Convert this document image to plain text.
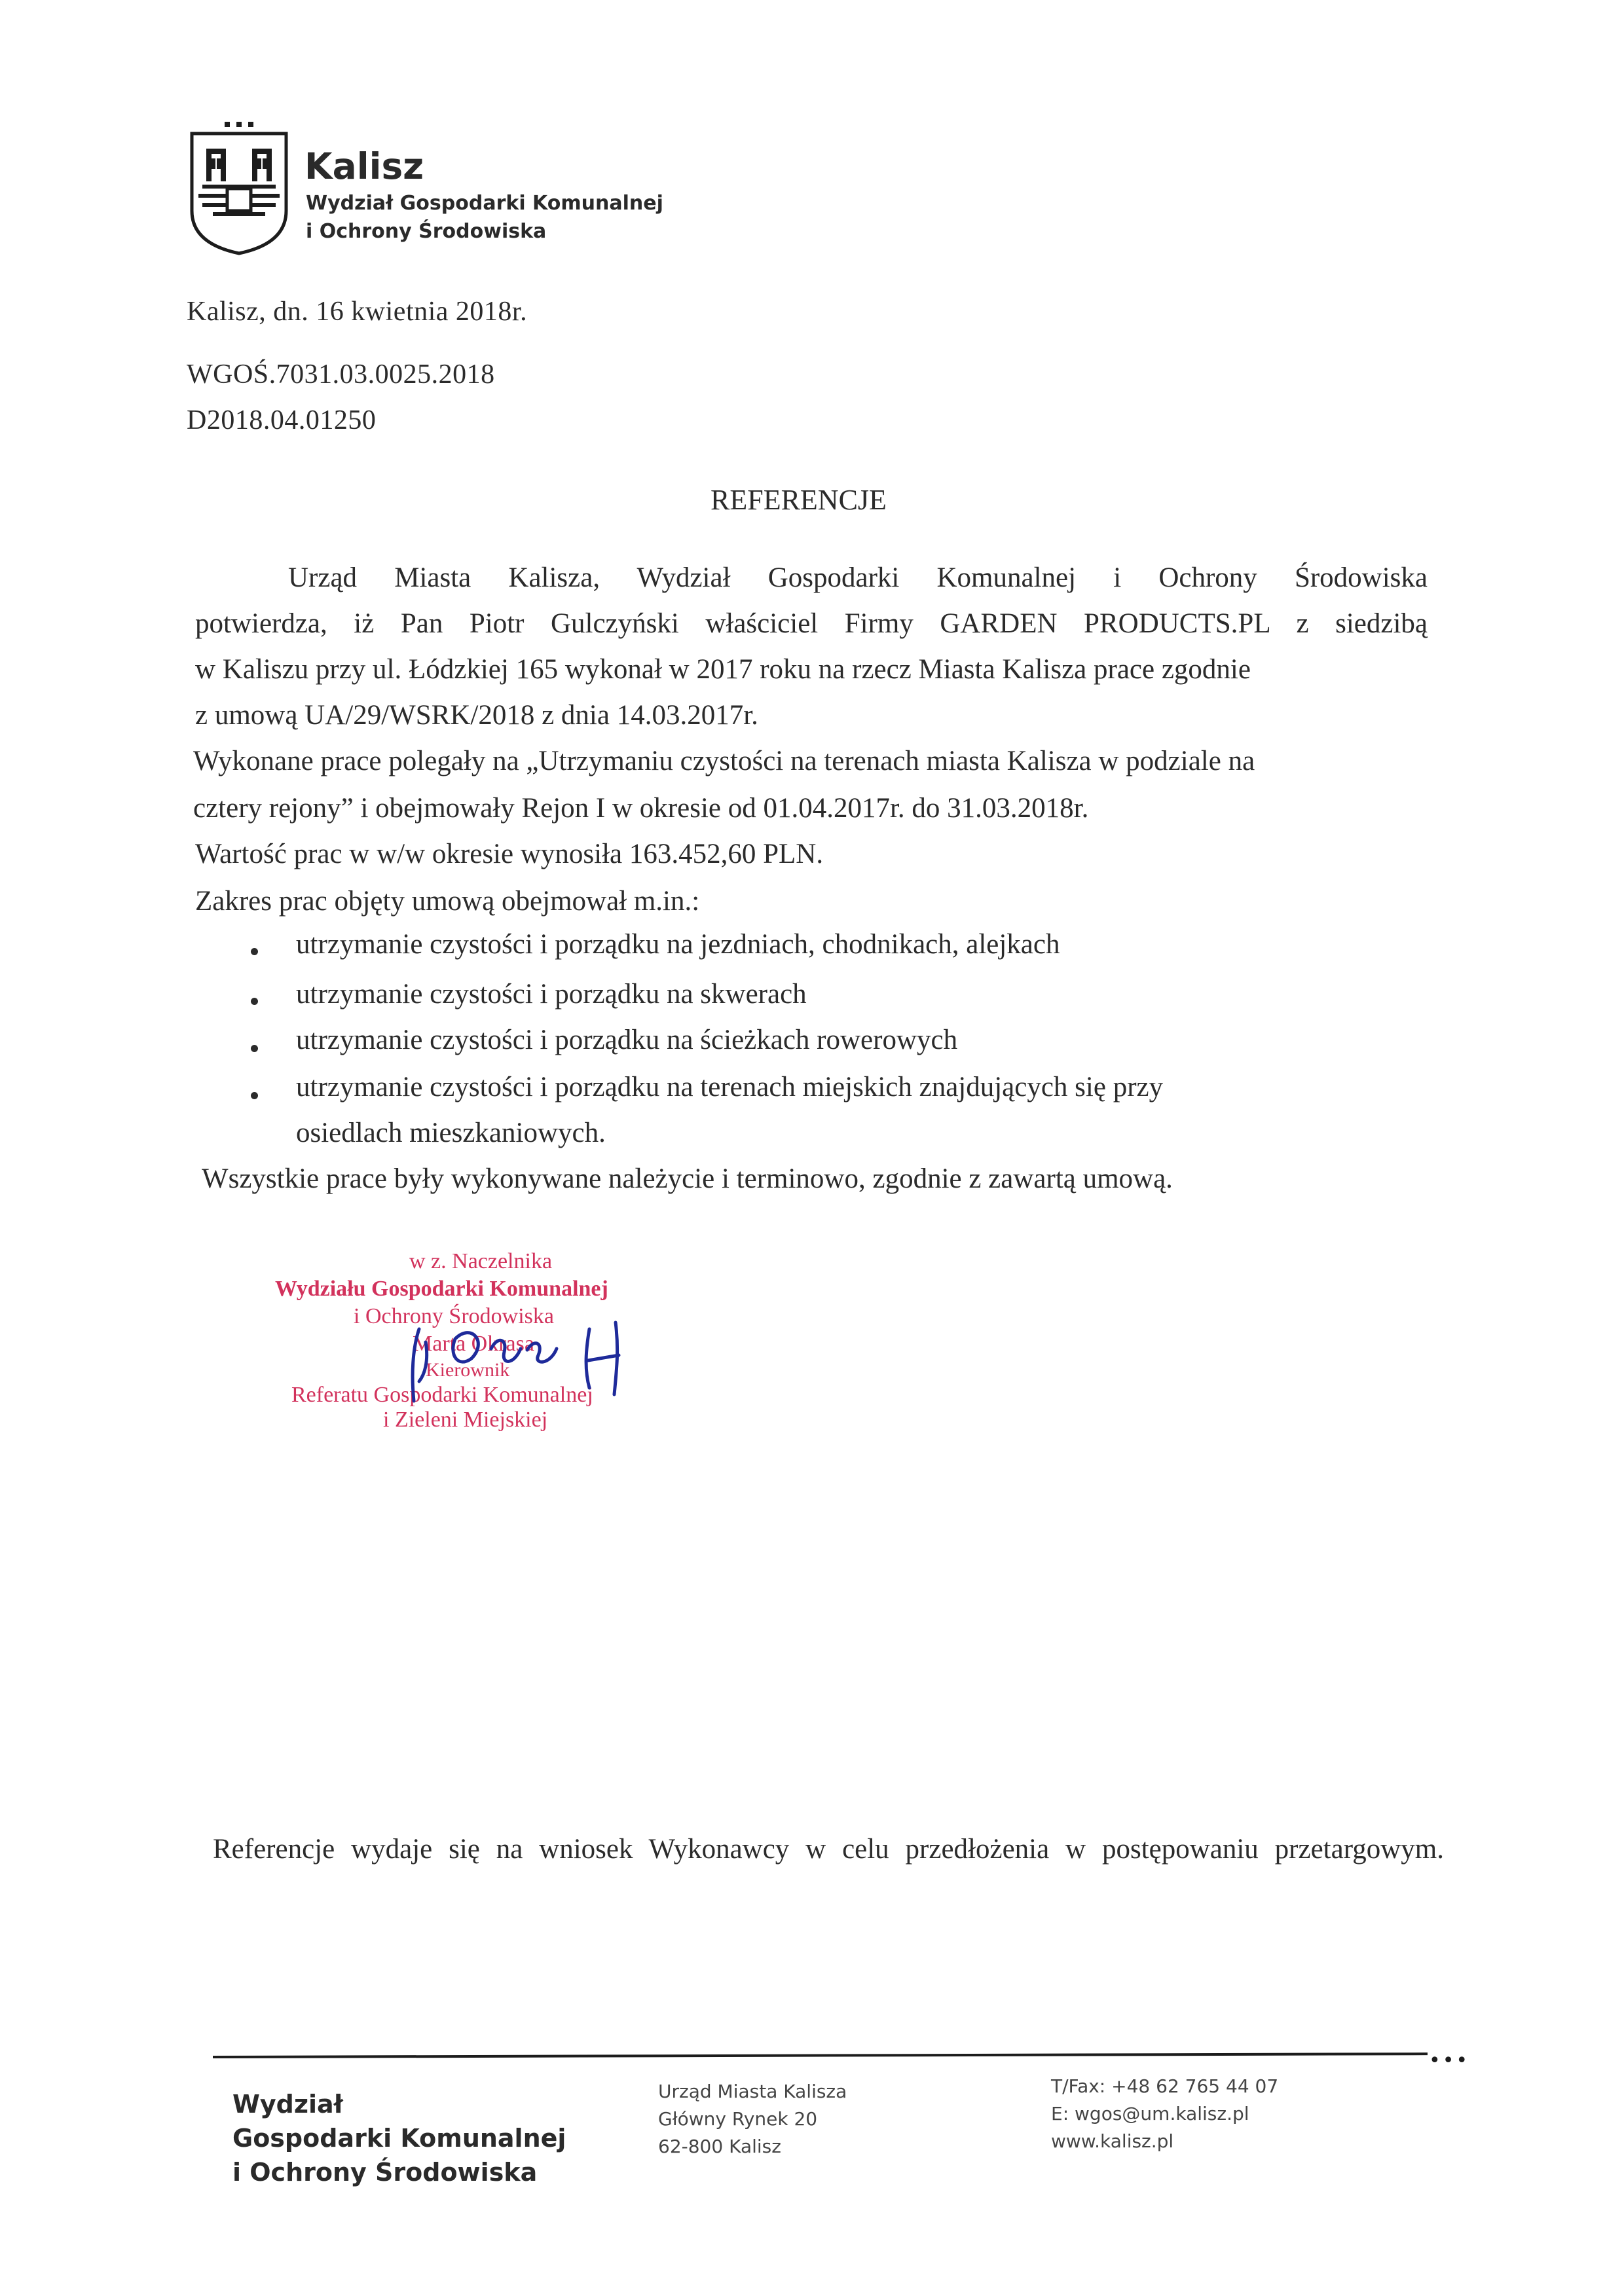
Kalisz
Wydział Gospodarki Komunalnej
i Ochrony Środowiska
Kalisz, dn. 16 kwietnia 2018r.
WGOŚ.7031.03.0025.2018
D2018.04.01250
REFERENCJE
Urząd Miasta Kalisza, Wydział Gospodarki Komunalnej i Ochrony Środowiska
potwierdza, iż Pan Piotr Gulczyński właściciel Firmy GARDEN PRODUCTS.PL z siedzibą
w Kaliszu przy ul. Łódzkiej 165 wykonał w 2017 roku na rzecz Miasta Kalisza prace zgodnie
z umową UA/29/WSRK/2018 z dnia 14.03.2017r.
Wykonane prace polegały na „Utrzymaniu czystości na terenach miasta Kalisza w podziale na
cztery rejony” i obejmowały Rejon I w okresie od 01.04.2017r. do 31.03.2018r.
Wartość prac w w/w okresie wynosiła 163.452,60 PLN.
Zakres prac objęty umową obejmował m.in.:
utrzymanie czystości i porządku na jezdniach, chodnikach, alejkach
utrzymanie czystości i porządku na skwerach
utrzymanie czystości i porządku na ścieżkach rowerowych
utrzymanie czystości i porządku na terenach miejskich znajdujących się przy
osiedlach mieszkaniowych.
Wszystkie prace były wykonywane należycie i terminowo, zgodnie z zawartą umową.
w z. Naczelnika
Wydziału Gospodarki Komunalnej
i Ochrony Środowiska
Marta Okrasa
Kierownik
Referatu Gospodarki Komunalnej
i Zieleni Miejskiej
Referencje wydaje się na wniosek Wykonawcy w celu przedłożenia w postępowaniu przetargowym.
•••
Wydział
Gospodarki Komunalnej
i Ochrony Środowiska
Urząd Miasta Kalisza
Główny Rynek 20
62-800 Kalisz
T/Fax: +48 62 765 44 07
E: wgos@um.kalisz.pl
www.kalisz.pl
